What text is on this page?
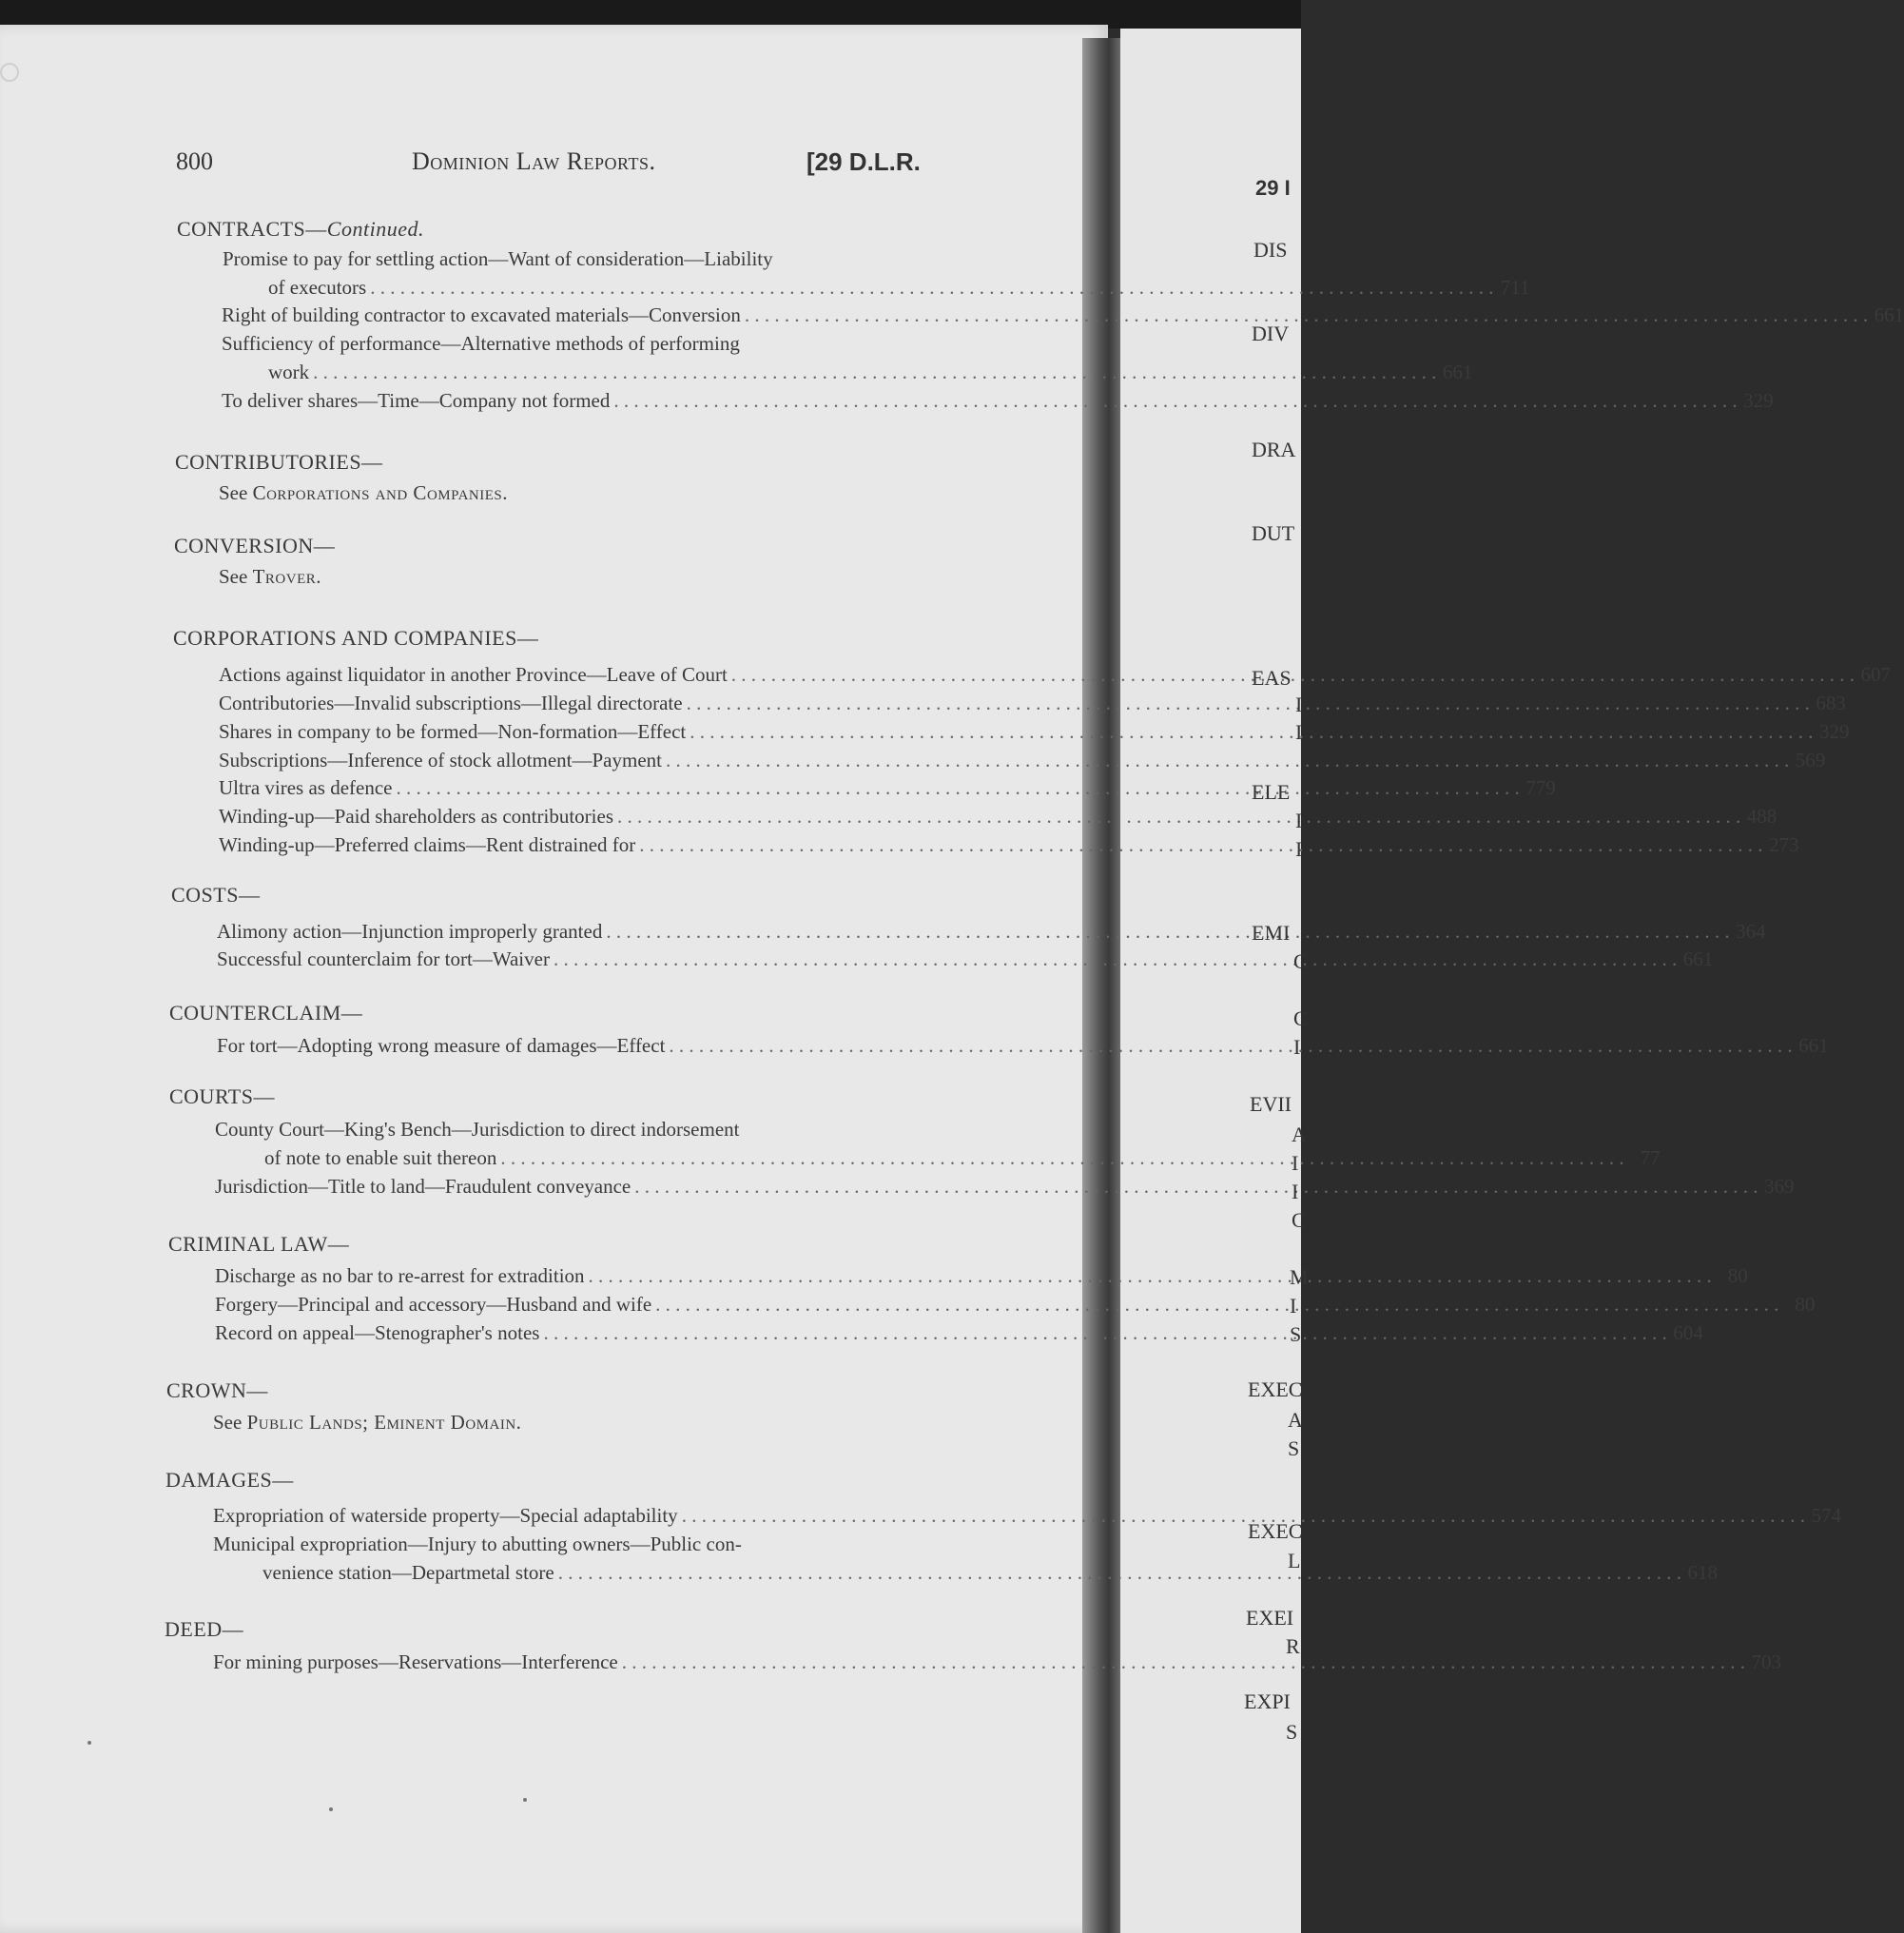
800	Dominion Law Reports.	[29 D.L.R.
CONTRACTS—Continued.
Promise to pay for settling action—Want of consideration—Liability
of executors . . .	711
Right of building contractor to excavated materials—Conversion . . .	661
Sufficiency of performance—Alternative methods of performing
work . . .	661
To deliver shares—Time—Company not formed . . .	329
CONTRIBUTORIES—
See Corporations and Companies.
CONVERSION—
See Trover.
CORPORATIONS AND COMPANIES—
Actions against liquidator in another Province—Leave of Court . . .	607
Contributories—Invalid subscriptions—Illegal directorate . . .	683
Shares in company to be formed—Non-formation—Effect . . .	329
Subscriptions—Inference of stock allotment—Payment . . .	569
Ultra vires as defence . . .	779
Winding-up—Paid shareholders as contributories . . .	488
Winding-up—Preferred claims—Rent distrained for . . .	273
COSTS—
Alimony action—Injunction improperly granted . . .	364
Successful counterclaim for tort—Waiver . . .	661
COUNTERCLAIM—
For tort—Adopting wrong measure of damages—Effect . . .	661
COURTS—
County Court—King's Bench—Jurisdiction to direct indorsement
of note to enable suit thereon . . .	77
Jurisdiction—Title to land—Fraudulent conveyance . . .	369
CRIMINAL LAW—
Discharge as no bar to re-arrest for extradition . . .	80
Forgery—Principal and accessory—Husband and wife . . .	80
Record on appeal—Stenographer's notes . . .	604
CROWN—
See Public Lands; Eminent Domain.
DAMAGES—
Expropriation of waterside property—Special adaptability . . .	574
Municipal expropriation—Injury to abutting owners—Public con-
venience station—Departmetal store . . .	618
DEED—
For mining purposes—Reservations—Interference . . .	703
29 I
DIS
DIV
DRA
DUT
EAS
ELE
EMI
EVII
EXEC
EXEC
EXEI
EXPI
I
I
I
I
C
C
I
A
I
I
C
M
I
S
A
S
L
R
S
